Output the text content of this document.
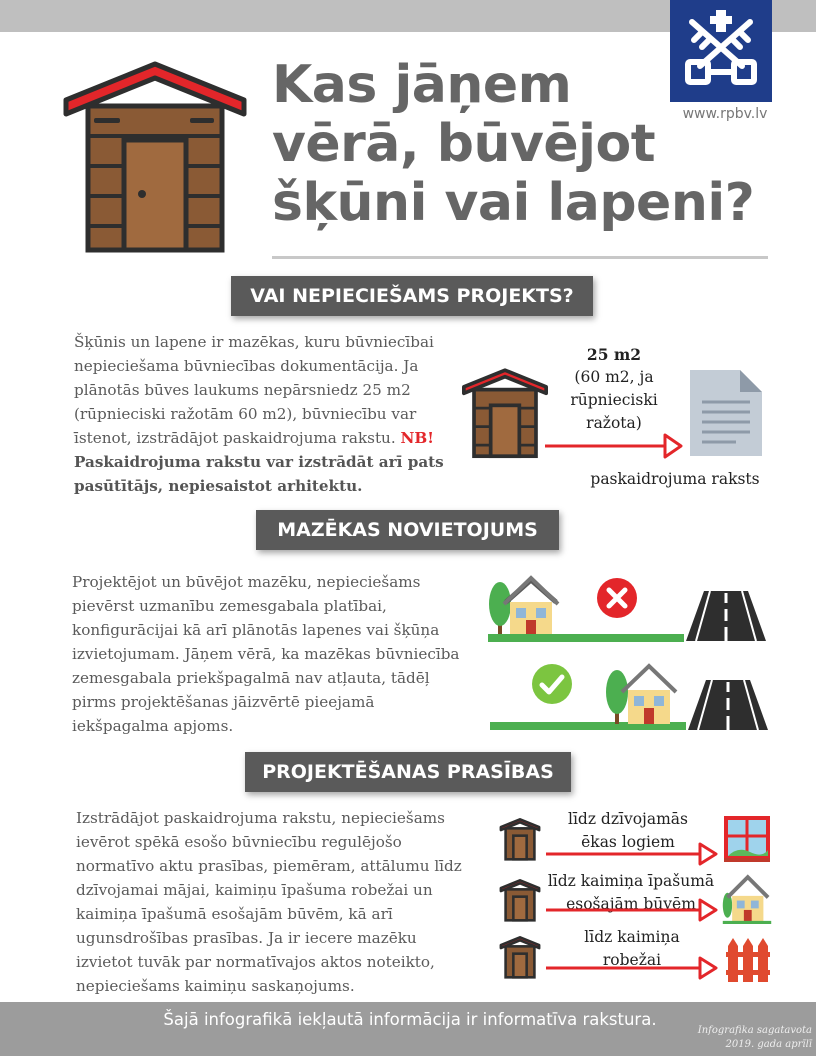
www.rpbv.lv
Kas jāņem
vērā, būvējot
šķūni vai lapeni?
VAI NEPIECIEŠAMS PROJEKTS?
Šķūnis un lapene ir mazēkas, kuru būvniecībai nepieciešama būvniecības dokumentācija. Ja plānotās būves laukums nepārsniedz 25 m2 (rūpnieciski ražotām 60 m2), būvniecību var īstenot, izstrādājot paskaidrojuma rakstu. NB! Paskaidrojuma rakstu var izstrādāt arī pats pasūtītājs, nepiesaistot arhitektu.
25 m2
(60 m2, ja rūpnieciski ražota)
paskaidrojuma raksts
MAZĒKAS NOVIETOJUMS
Projektējot un būvējot mazēku, nepieciešams pievērst uzmanību zemesgabala platībai, konfigurācijai kā arī plānotās lapenes vai šķūņa izvietojumam. Jāņem vērā, ka mazēkas būvniecība zemesgabala priekšpagalmā nav atļauta, tādēļ pirms projektēšanas jāizvērtē pieejamā iekšpagalma apjoms.
PROJEKTĒŠANAS PRASĪBAS
Izstrādājot paskaidrojuma rakstu, nepieciešams ievērot spēkā esošo būvniecību regulējošo normatīvo aktu prasības, piemēram, attālumu līdz dzīvojamai mājai, kaimiņu īpašuma robežai un kaimiņa īpašumā esošajām būvēm, kā arī ugunsdrošības prasības. Ja ir iecere mazēku izvietot tuvāk par normatīvajos aktos noteikto, nepieciešams kaimiņu saskaņojums.
līdz dzīvojamās ēkas logiem
līdz kaimiņa īpašumā esošajām būvēm
līdz kaimiņa robežai
Šajā infografikā iekļautā informācija ir informatīva rakstura.
Infografika sagatavota 2019. gada aprīlī
